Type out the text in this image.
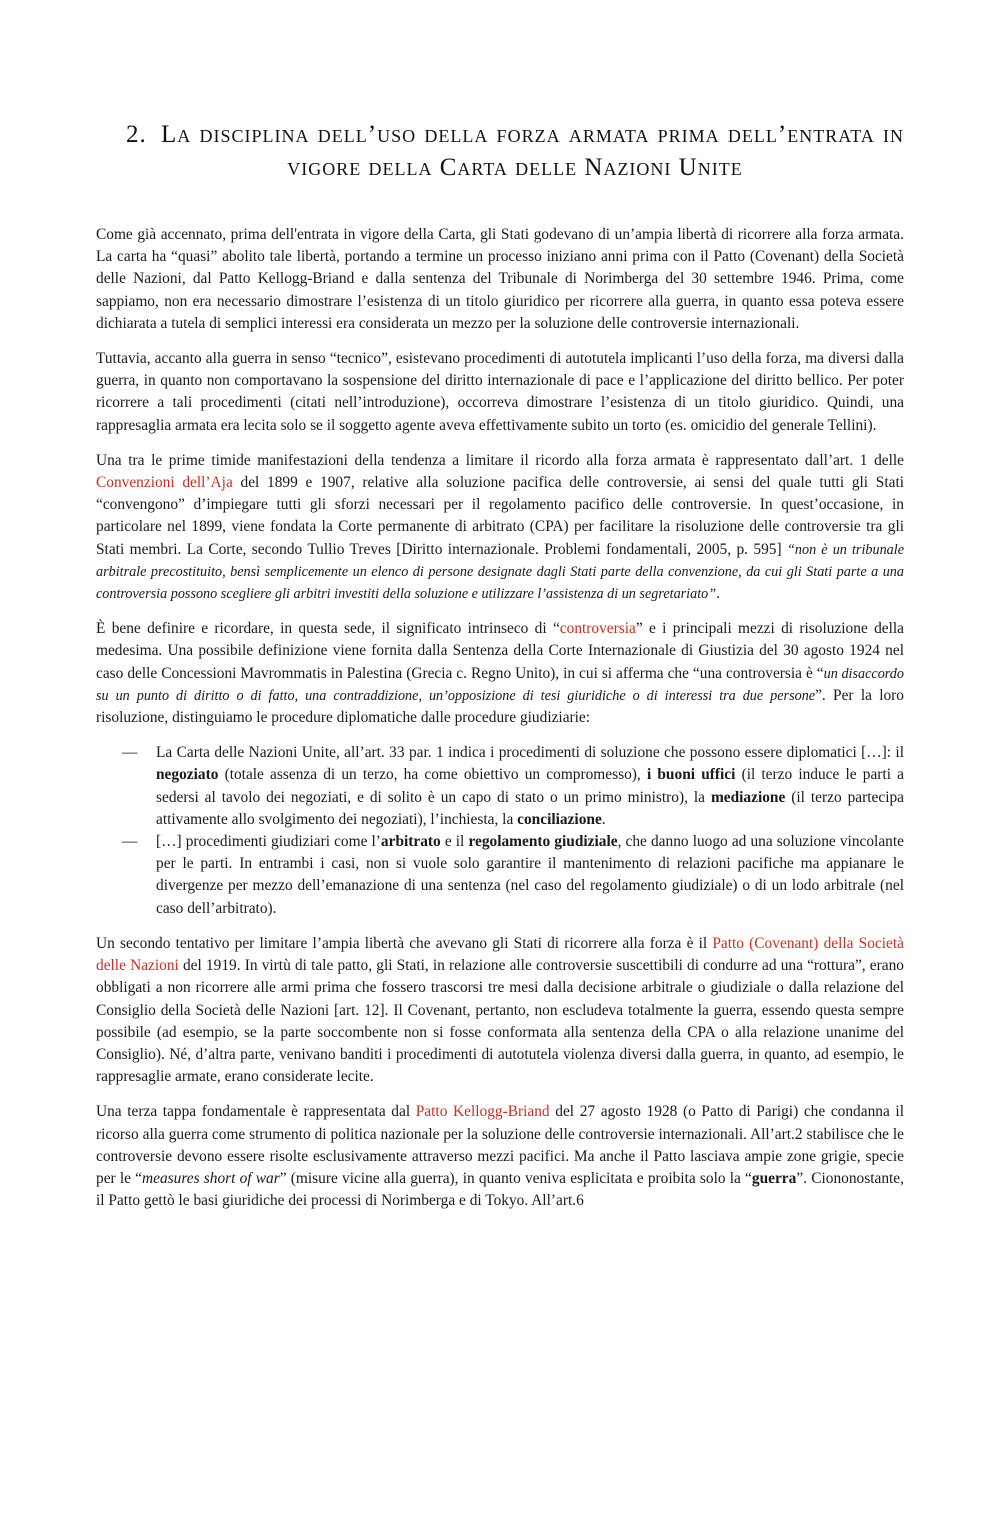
2. La disciplina dell’uso della forza armata prima dell’entrata in vigore della Carta delle Nazioni Unite

Come già accennato, prima dell'entrata in vigore della Carta, gli Stati godevano di un’ampia libertà di ricorrere alla forza armata. La carta ha “quasi” abolito tale libertà, portando a termine un processo iniziano anni prima con il Patto (Covenant) della Società delle Nazioni, dal Patto Kellogg-Briand e dalla sentenza del Tribunale di Norimberga del 30 settembre 1946. Prima, come sappiamo, non era necessario dimostrare l’esistenza di un titolo giuridico per ricorrere alla guerra, in quanto essa poteva essere dichiarata a tutela di semplici interessi era considerata un mezzo per la soluzione delle controversie internazionali.

Tuttavia, accanto alla guerra in senso “tecnico”, esistevano procedimenti di autotutela implicanti l’uso della forza, ma diversi dalla guerra, in quanto non comportavano la sospensione del diritto internazionale di pace e l’applicazione del diritto bellico. Per poter ricorrere a tali procedimenti (citati nell’introduzione), occorreva dimostrare l’esistenza di un titolo giuridico. Quindi, una rappresaglia armata era lecita solo se il soggetto agente aveva effettivamente subito un torto (es. omicidio del generale Tellini).

Una tra le prime timide manifestazioni della tendenza a limitare il ricordo alla forza armata è rappresentato dall’art. 1 delle Convenzioni dell’Aja del 1899 e 1907, relative alla soluzione pacifica delle controversie, ai sensi del quale tutti gli Stati “convengono” d’impiegare tutti gli sforzi necessari per il regolamento pacifico delle controversie. In quest’occasione, in particolare nel 1899, viene fondata la Corte permanente di arbitrato (CPA) per facilitare la risoluzione delle controversie tra gli Stati membri. La Corte, secondo Tullio Treves [Diritto internazionale. Problemi fondamentali, 2005, p. 595] “non è un tribunale arbitrale precostituito, bensì semplicemente un elenco di persone designate dagli Stati parte della convenzione, da cui gli Stati parte a una controversia possono scegliere gli arbitri investiti della soluzione e utilizzare l’assistenza di un segretariato”.

È bene definire e ricordare, in questa sede, il significato intrinseco di “controversia” e i principali mezzi di risoluzione della medesima. Una possibile definizione viene fornita dalla Sentenza della Corte Internazionale di Giustizia del 30 agosto 1924 nel caso delle Concessioni Mavrommatis in Palestina (Grecia c. Regno Unito), in cui si afferma che “una controversia è “un disaccordo su un punto di diritto o di fatto, una contraddizione, un’opposizione di tesi giuridiche o di interessi tra due persone”. Per la loro risoluzione, distinguiamo le procedure diplomatiche dalle procedure giudiziarie:

— La Carta delle Nazioni Unite, all’art. 33 par. 1 indica i procedimenti di soluzione che possono essere diplomatici […]: il negoziato (totale assenza di un terzo, ha come obiettivo un compromesso), i buoni uffici (il terzo induce le parti a sedersi al tavolo dei negoziati, e di solito è un capo di stato o un primo ministro), la mediazione (il terzo partecipa attivamente allo svolgimento dei negoziati), l’inchiesta, la conciliazione.
— […] procedimenti giudiziari come l’arbitrato e il regolamento giudiziale, che danno luogo ad una soluzione vincolante per le parti. In entrambi i casi, non si vuole solo garantire il mantenimento di relazioni pacifiche ma appianare le divergenze per mezzo dell’emanazione di una sentenza (nel caso del regolamento giudiziale) o di un lodo arbitrale (nel caso dell’arbitrato).

Un secondo tentativo per limitare l’ampia libertà che avevano gli Stati di ricorrere alla forza è il Patto (Covenant) della Società delle Nazioni del 1919. In virtù di tale patto, gli Stati, in relazione alle controversie suscettibili di condurre ad una “rottura”, erano obbligati a non ricorrere alle armi prima che fossero trascorsi tre mesi dalla decisione arbitrale o giudiziale o dalla relazione del Consiglio della Società delle Nazioni [art. 12]. Il Covenant, pertanto, non escludeva totalmente la guerra, essendo questa sempre possibile (ad esempio, se la parte soccombente non si fosse conformata alla sentenza della CPA o alla relazione unanime del Consiglio). Né, d’altra parte, venivano banditi i procedimenti di autotutela violenza diversi dalla guerra, in quanto, ad esempio, le rappresaglie armate, erano considerate lecite.

Una terza tappa fondamentale è rappresentata dal Patto Kellogg-Briand del 27 agosto 1928 (o Patto di Parigi) che condanna il ricorso alla guerra come strumento di politica nazionale per la soluzione delle controversie internazionali. All’art.2 stabilisce che le controversie devono essere risolte esclusivamente attraverso mezzi pacifici. Ma anche il Patto lasciava ampie zone grigie, specie per le “measures short of war” (misure vicine alla guerra), in quanto veniva esplicitata e proibita solo la “guerra”. Ciononostante, il Patto gettò le basi giuridiche dei processi di Norimberga e di Tokyo. All’art.6
